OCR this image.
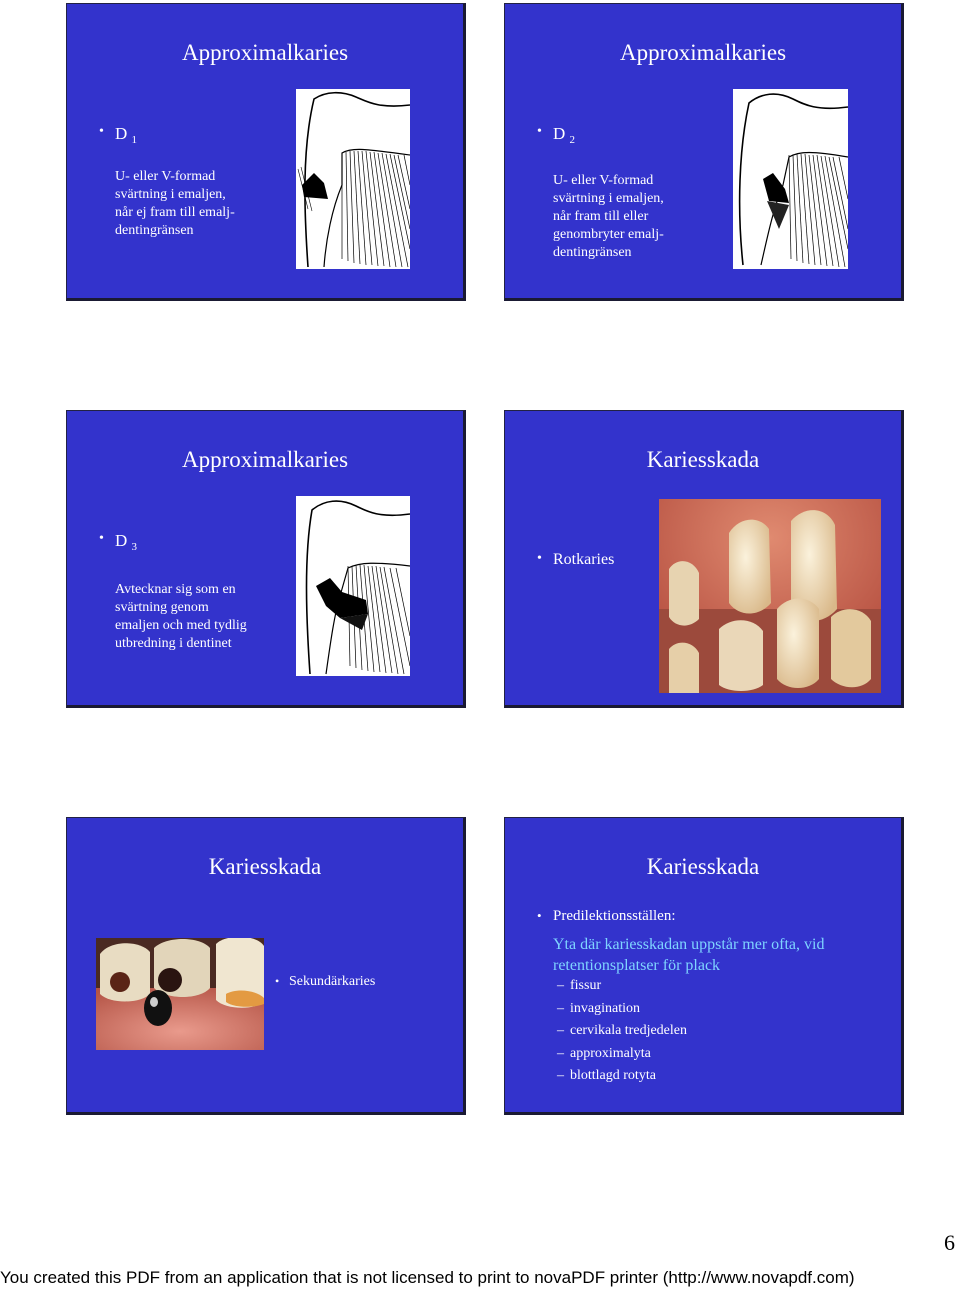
Approximalkaries
• D $_1$
U- eller V-formad
svärtning i emaljen,
når ej fram till emalj-
dentingränsen
Approximalkaries
• D $_2$
U- eller V-formad
svärtning i emaljen,
når fram till eller
genombryter emalj-
dentingränsen
Approximalkaries
• D $_3$
Avtecknar sig som en
svärtning genom
emaljen och med tydlig
utbredning i dentinet
Kariesskada
• Rotkaries
Kariesskada
• Sekundärkaries
Kariesskada
• Predilektionsställen:
Yta där kariesskadan uppstår mer ofta, vid retentionsplatser för plack
– fissur
– invagination
– cervikala tredjedelen
– approximalyta
– blottlagd rotyta
6
You created this PDF from an application that is not licensed to print to novaPDF printer (http://www.novapdf.com)
